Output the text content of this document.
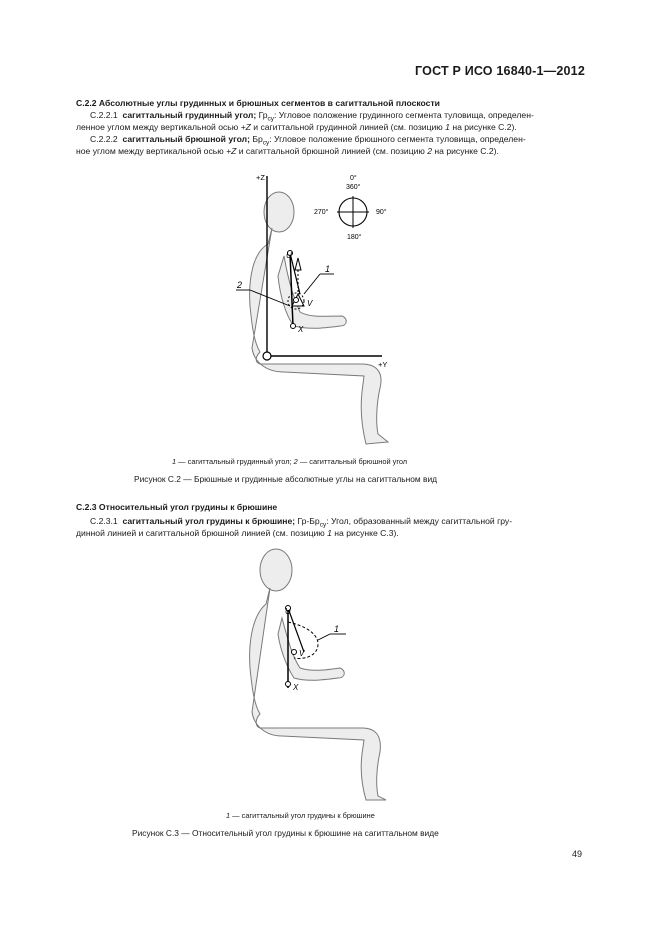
ГОСТ Р ИСО 16840-1—2012
С.2.2 Абсолютные углы грудинных и брюшных сегментов в сагиттальной плоскости
С.2.2.1 сагиттальный грудинный угол; $Гр_{су}$: Угловое положение грудинного сегмента туловища, определен-
ленное углом между вертикальной осью +Z и сагиттальной грудинной линией (см. позицию 1 на рисунке С.2).
С.2.2.2 сагиттальный брюшной угол; $Бр_{су}$: Угловое положение брюшного сегмента туловища, определен-
ное углом между вертикальной осью +Z и сагиттальной брюшной линией (см. позицию 2 на рисунке С.2).
+Z
+Y
0°
360°
90°
180°
270°
U
V
X
1
2
1 — сагиттальный грудинный угол; 2 — сагиттальный брюшной угол
Рисунок С.2 — Брюшные и грудинные абсолютные углы на сагиттальном вид
С.2.3 Относительный угол грудины к брюшине
С.2.3.1 сагиттальный угол грудины к брюшине; $Гр-Бр_{су}$: Угол, образованный между сагиттальной гру-
динной линией и сагиттальной брюшной линией (см. позицию 1 на рисунке С.3).
U
V
X
1
1 — сагиттальный угол грудины к брюшине
Рисунок С.3 — Относительный угол грудины к брюшине на сагиттальном виде
49
